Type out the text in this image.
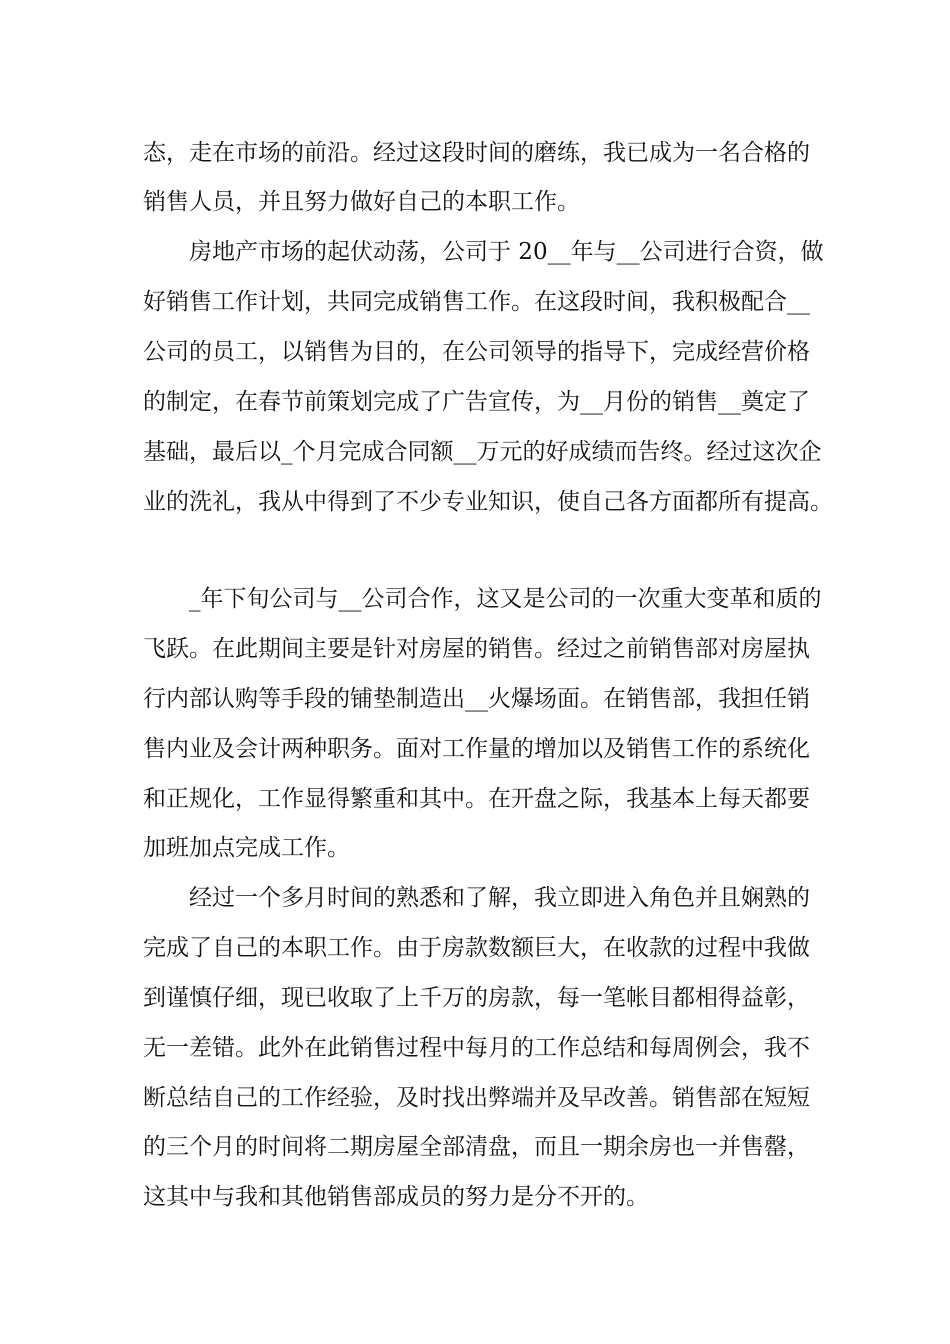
态，走在市场的前沿。经过这段时间的磨练，我已成为一名合格的
销售人员，并且努力做好自己的本职工作。
房地产市场的起伏动荡，公司于 20__年与__公司进行合资，做
好销售工作计划，共同完成销售工作。在这段时间，我积极配合__
公司的员工，以销售为目的，在公司领导的指导下，完成经营价格
的制定，在春节前策划完成了广告宣传，为__月份的销售__奠定了
基础，最后以_个月完成合同额__万元的好成绩而告终。经过这次企
业的洗礼，我从中得到了不少专业知识，使自己各方面都所有提高。
_年下旬公司与__公司合作，这又是公司的一次重大变革和质的
飞跃。在此期间主要是针对房屋的销售。经过之前销售部对房屋执
行内部认购等手段的铺垫制造出__火爆场面。在销售部，我担任销
售内业及会计两种职务。面对工作量的增加以及销售工作的系统化
和正规化，工作显得繁重和其中。在开盘之际，我基本上每天都要
加班加点完成工作。
经过一个多月时间的熟悉和了解，我立即进入角色并且娴熟的
完成了自己的本职工作。由于房款数额巨大，在收款的过程中我做
到谨慎仔细，现已收取了上千万的房款，每一笔帐目都相得益彰，
无一差错。此外在此销售过程中每月的工作总结和每周例会，我不
断总结自己的工作经验，及时找出弊端并及早改善。销售部在短短
的三个月的时间将二期房屋全部清盘，而且一期余房也一并售罄，
这其中与我和其他销售部成员的努力是分不开的。
